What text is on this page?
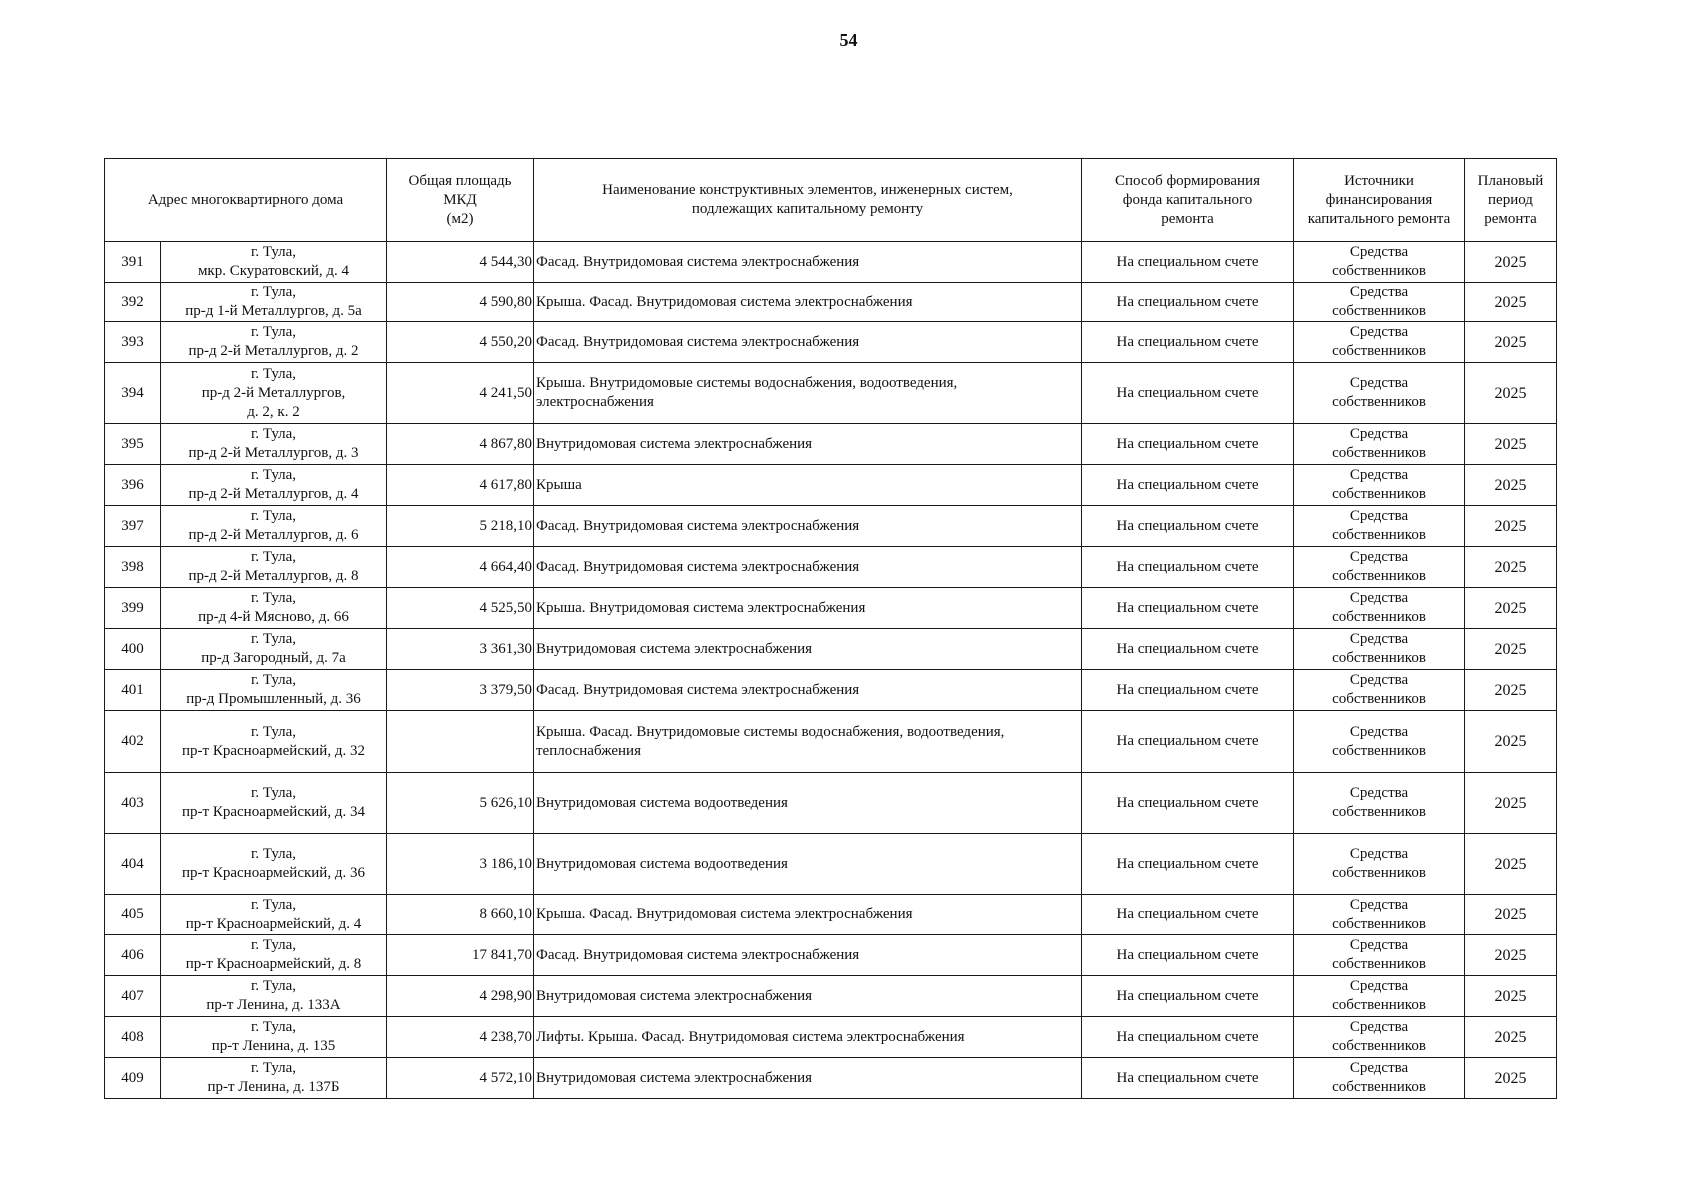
54
Адрес многоквартирного дома		Общая площадь
МКД
(м2)	Наименование конструктивных элементов, инженерных систем,
подлежащих капитальному ремонту	Способ формирования
фонда капитального
ремонта	Источники
финансирования
капитального ремонта	Плановый
период
ремонта
391	г. Тула,
мкр. Скуратовский, д. 4	4 544,30	Фасад. Внутридомовая система электроснабжения	На специальном счете	Средства
собственников	2025
392	г. Тула,
пр-д 1-й Металлургов, д. 5а	4 590,80	Крыша. Фасад. Внутридомовая система электроснабжения	На специальном счете	Средства
собственников	2025
393	г. Тула,
пр-д 2-й Металлургов, д. 2	4 550,20	Фасад. Внутридомовая система электроснабжения	На специальном счете	Средства
собственников	2025
394	г. Тула,
пр-д 2-й Металлургов,
д. 2, к. 2	4 241,50	Крыша. Внутридомовые системы водоснабжения, водоотведения,
электроснабжения	На специальном счете	Средства
собственников	2025
395	г. Тула,
пр-д 2-й Металлургов, д. 3	4 867,80	Внутридомовая система электроснабжения	На специальном счете	Средства
собственников	2025
396	г. Тула,
пр-д 2-й Металлургов, д. 4	4 617,80	Крыша	На специальном счете	Средства
собственников	2025
397	г. Тула,
пр-д 2-й Металлургов, д. 6	5 218,10	Фасад. Внутридомовая система электроснабжения	На специальном счете	Средства
собственников	2025
398	г. Тула,
пр-д 2-й Металлургов, д. 8	4 664,40	Фасад. Внутридомовая система электроснабжения	На специальном счете	Средства
собственников	2025
399	г. Тула,
пр-д 4-й Мясново, д. 66	4 525,50	Крыша. Внутридомовая система электроснабжения	На специальном счете	Средства
собственников	2025
400	г. Тула,
пр-д Загородный, д. 7а	3 361,30	Внутридомовая система электроснабжения	На специальном счете	Средства
собственников	2025
401	г. Тула,
пр-д Промышленный, д. 36	3 379,50	Фасад. Внутридомовая система электроснабжения	На специальном счете	Средства
собственников	2025
402	г. Тула,
пр-т Красноармейский, д. 32		Крыша. Фасад. Внутридомовые системы водоснабжения, водоотведения,
теплоснабжения	На специальном счете	Средства
собственников	2025
403	г. Тула,
пр-т Красноармейский, д. 34	5 626,10	Внутридомовая система водоотведения	На специальном счете	Средства
собственников	2025
404	г. Тула,
пр-т Красноармейский, д. 36	3 186,10	Внутридомовая система водоотведения	На специальном счете	Средства
собственников	2025
405	г. Тула,
пр-т Красноармейский, д. 4	8 660,10	Крыша. Фасад. Внутридомовая система электроснабжения	На специальном счете	Средства
собственников	2025
406	г. Тула,
пр-т Красноармейский, д. 8	17 841,70	Фасад. Внутридомовая система электроснабжения	На специальном счете	Средства
собственников	2025
407	г. Тула,
пр-т Ленина, д. 133А	4 298,90	Внутридомовая система электроснабжения	На специальном счете	Средства
собственников	2025
408	г. Тула,
пр-т Ленина, д. 135	4 238,70	Лифты. Крыша. Фасад. Внутридомовая система электроснабжения	На специальном счете	Средства
собственников	2025
409	г. Тула,
пр-т Ленина, д. 137Б	4 572,10	Внутридомовая система электроснабжения	На специальном счете	Средства
собственников	2025
